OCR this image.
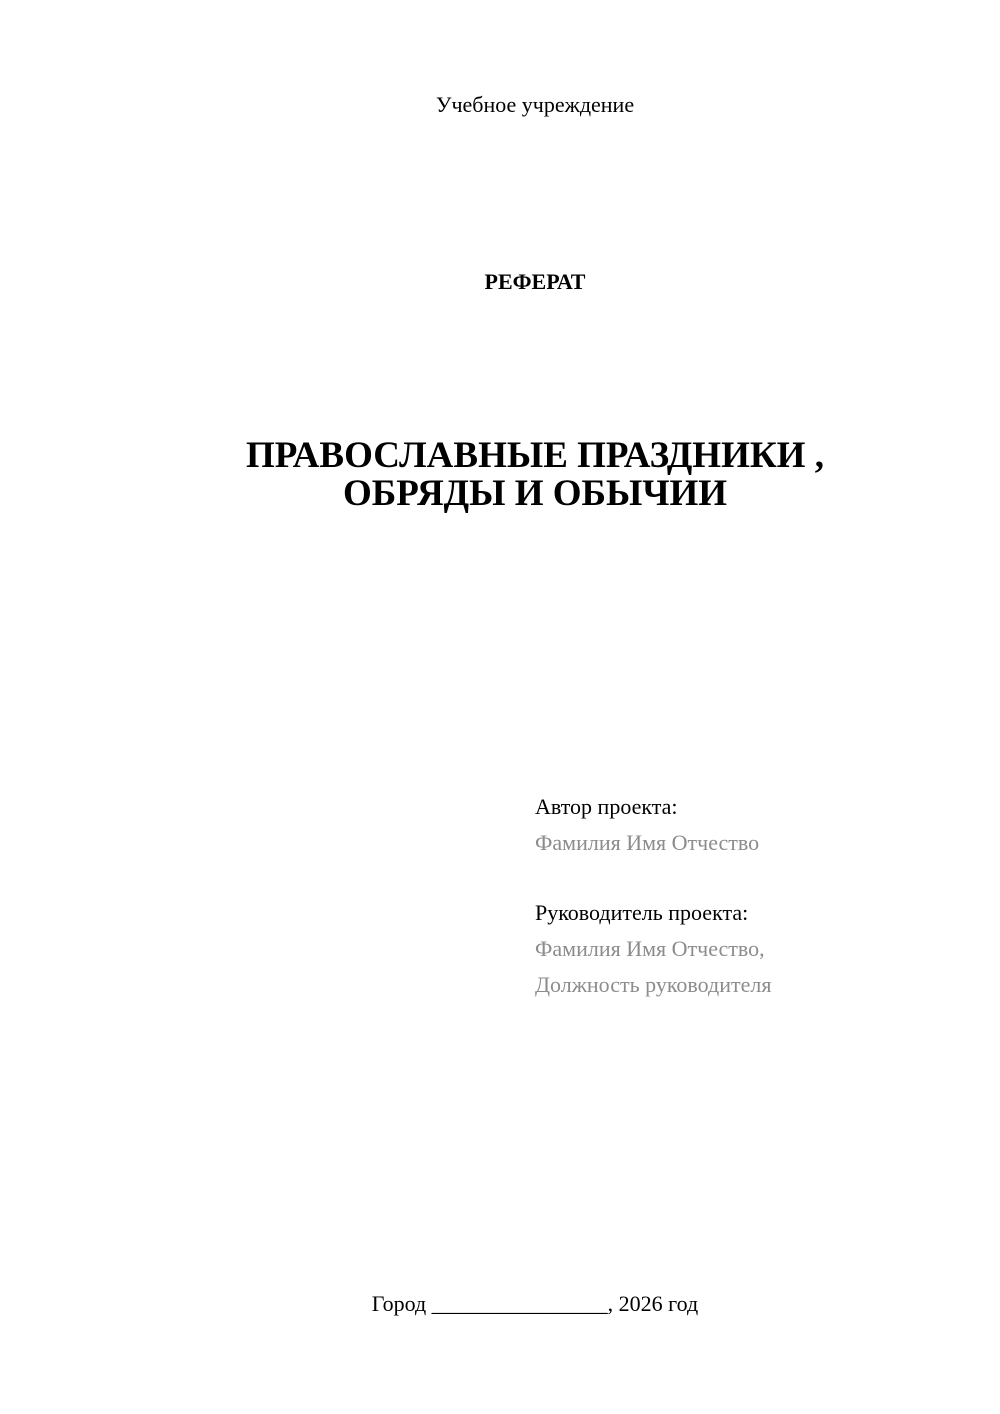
Учебное учреждение
РЕФЕРАТ
ПРАВОСЛАВНЫЕ ПРАЗДНИКИ ,
ОБРЯДЫ И ОБЫЧИИ
Автор проекта:
Фамилия Имя Отчество
Руководитель проекта:
Фамилия Имя Отчество,
Должность руководителя
Город ________________, 2026 год
